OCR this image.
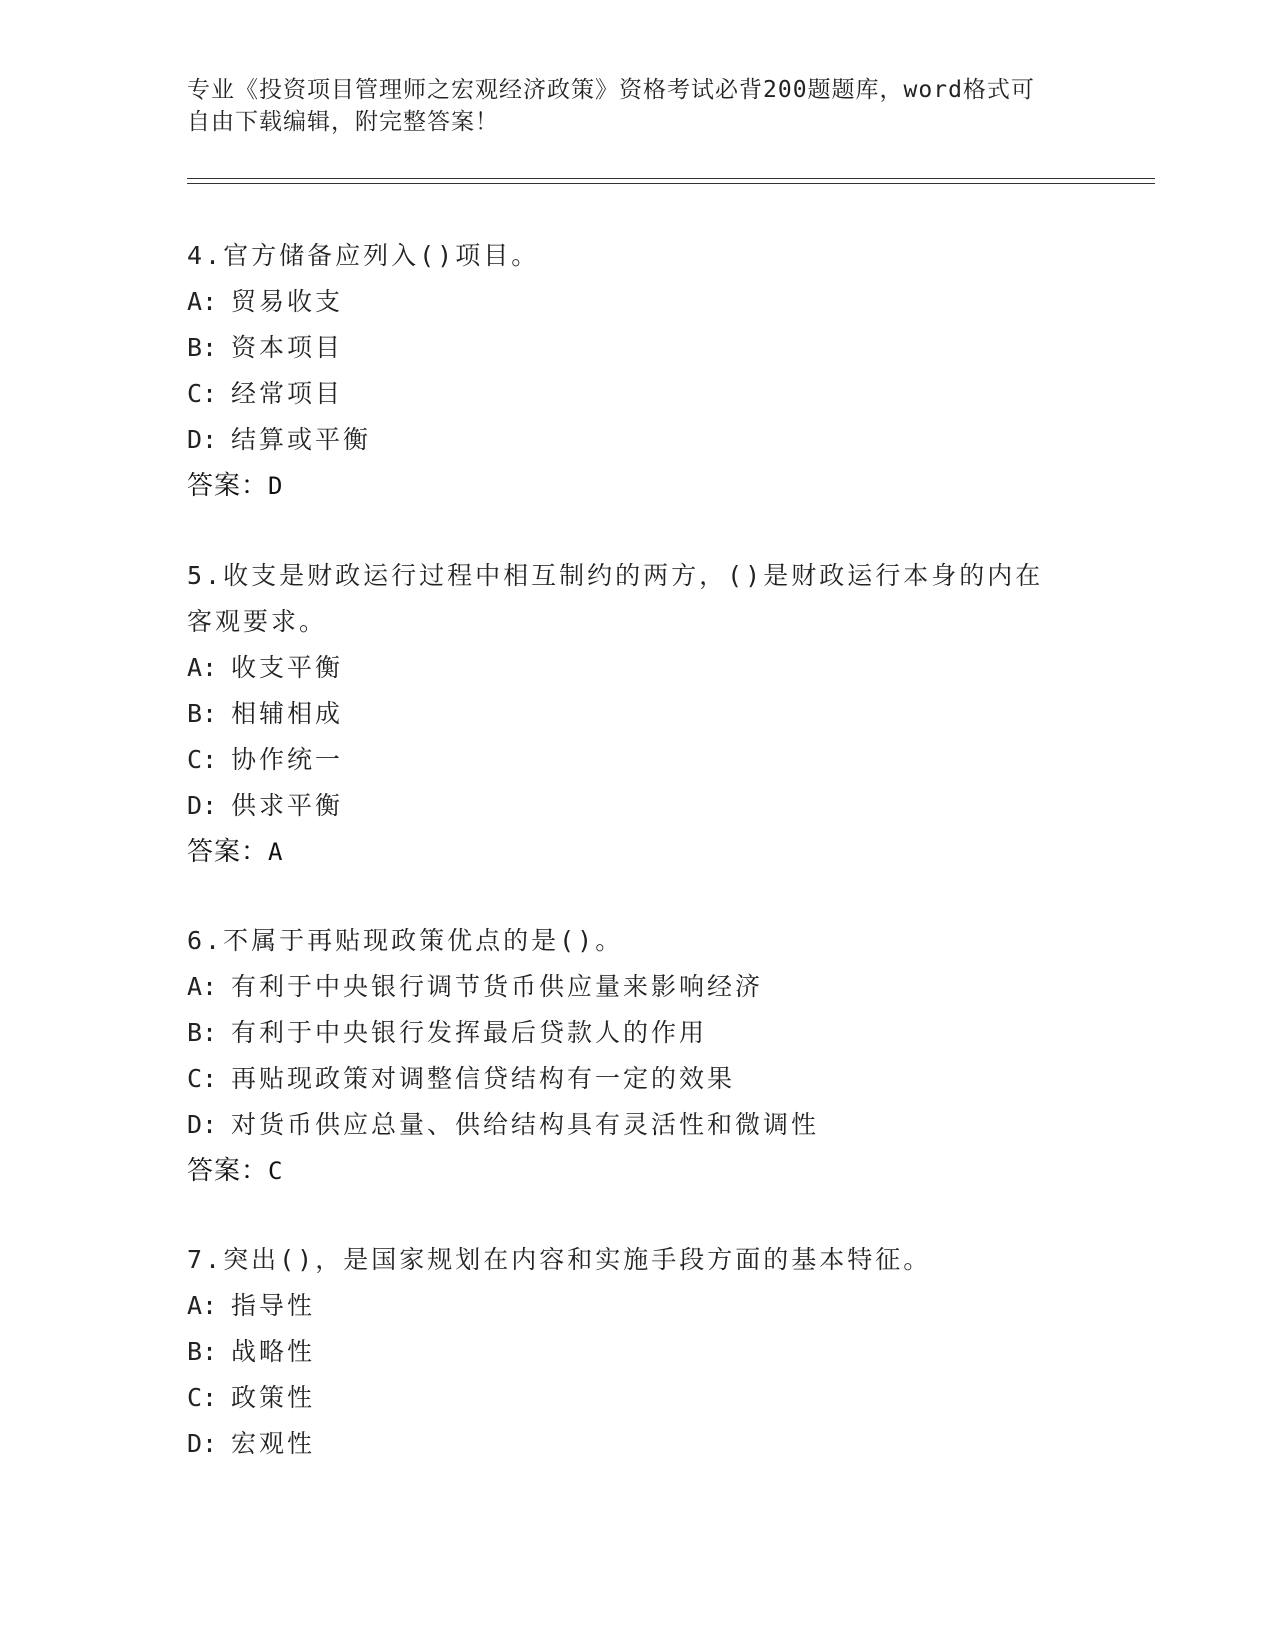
专业《投资项目管理师之宏观经济政策》资格考试必背200题题库，word格式可
自由下载编辑，附完整答案！
4.官方储备应列入()项目。
A: 贸易收支
B: 资本项目
C: 经常项目
D: 结算或平衡
答案：D
5.收支是财政运行过程中相互制约的两方，()是财政运行本身的内在
客观要求。
A: 收支平衡
B: 相辅相成
C: 协作统一
D: 供求平衡
答案：A
6.不属于再贴现政策优点的是()。
A: 有利于中央银行调节货币供应量来影响经济
B: 有利于中央银行发挥最后贷款人的作用
C: 再贴现政策对调整信贷结构有一定的效果
D: 对货币供应总量、供给结构具有灵活性和微调性
答案：C
7.突出()，是国家规划在内容和实施手段方面的基本特征。
A: 指导性
B: 战略性
C: 政策性
D: 宏观性
